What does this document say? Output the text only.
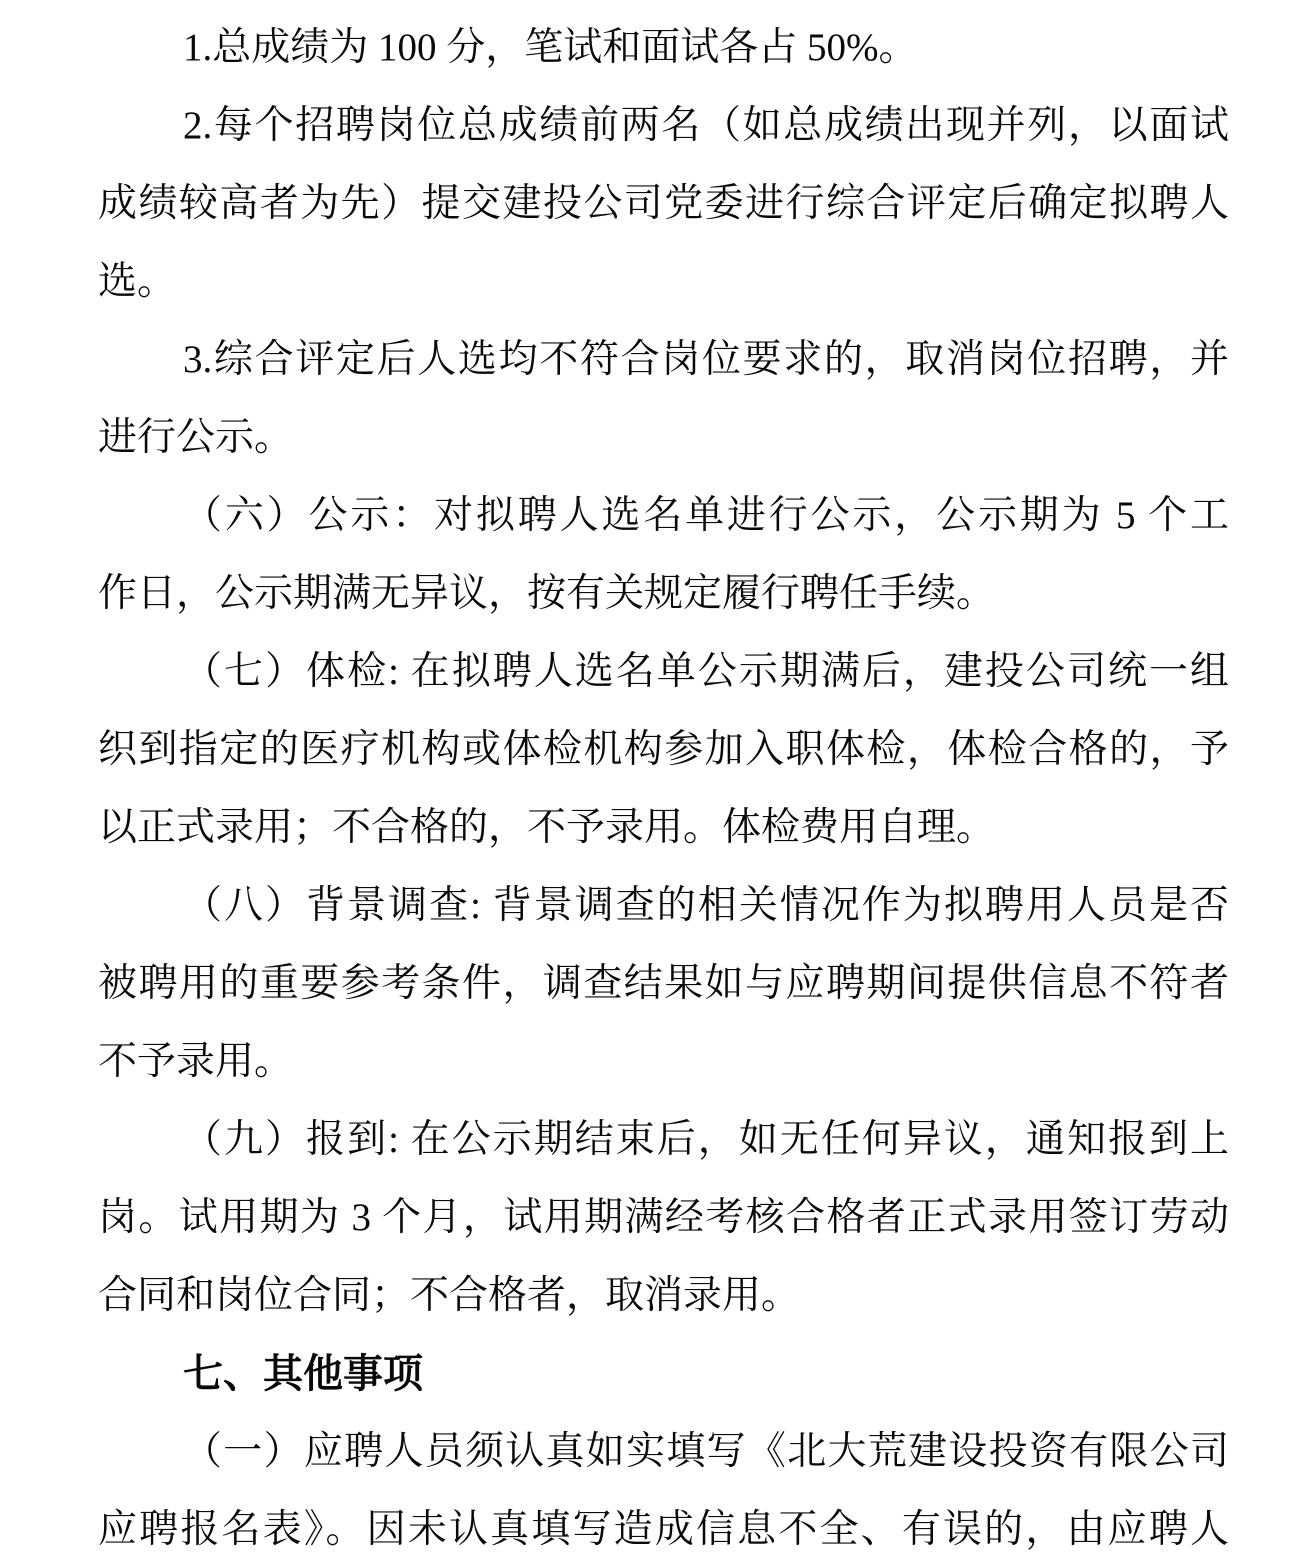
1.总成绩为 100 分，笔试和面试各占 50%。
2.每个招聘岗位总成绩前两名（如总成绩出现并列，以面试
成绩较高者为先）提交建投公司党委进行综合评定后确定拟聘人
选。
3.综合评定后人选均不符合岗位要求的，取消岗位招聘，并
进行公示。
（六）公示：对拟聘人选名单进行公示，公示期为 5 个工
作日，公示期满无异议，按有关规定履行聘任手续。
（七）体检: 在拟聘人选名单公示期满后，建投公司统一组
织到指定的医疗机构或体检机构参加入职体检，体检合格的，予
以正式录用；不合格的，不予录用。体检费用自理。
（八）背景调查: 背景调查的相关情况作为拟聘用人员是否
被聘用的重要参考条件，调查结果如与应聘期间提供信息不符者
不予录用。
（九）报到: 在公示期结束后，如无任何异议，通知报到上
岗。试用期为 3 个月，试用期满经考核合格者正式录用签订劳动
合同和岗位合同；不合格者，取消录用。
七、其他事项
（一）应聘人员须认真如实填写《北大荒建设投资有限公司
应聘报名表》。因未认真填写造成信息不全、有误的，由应聘人
